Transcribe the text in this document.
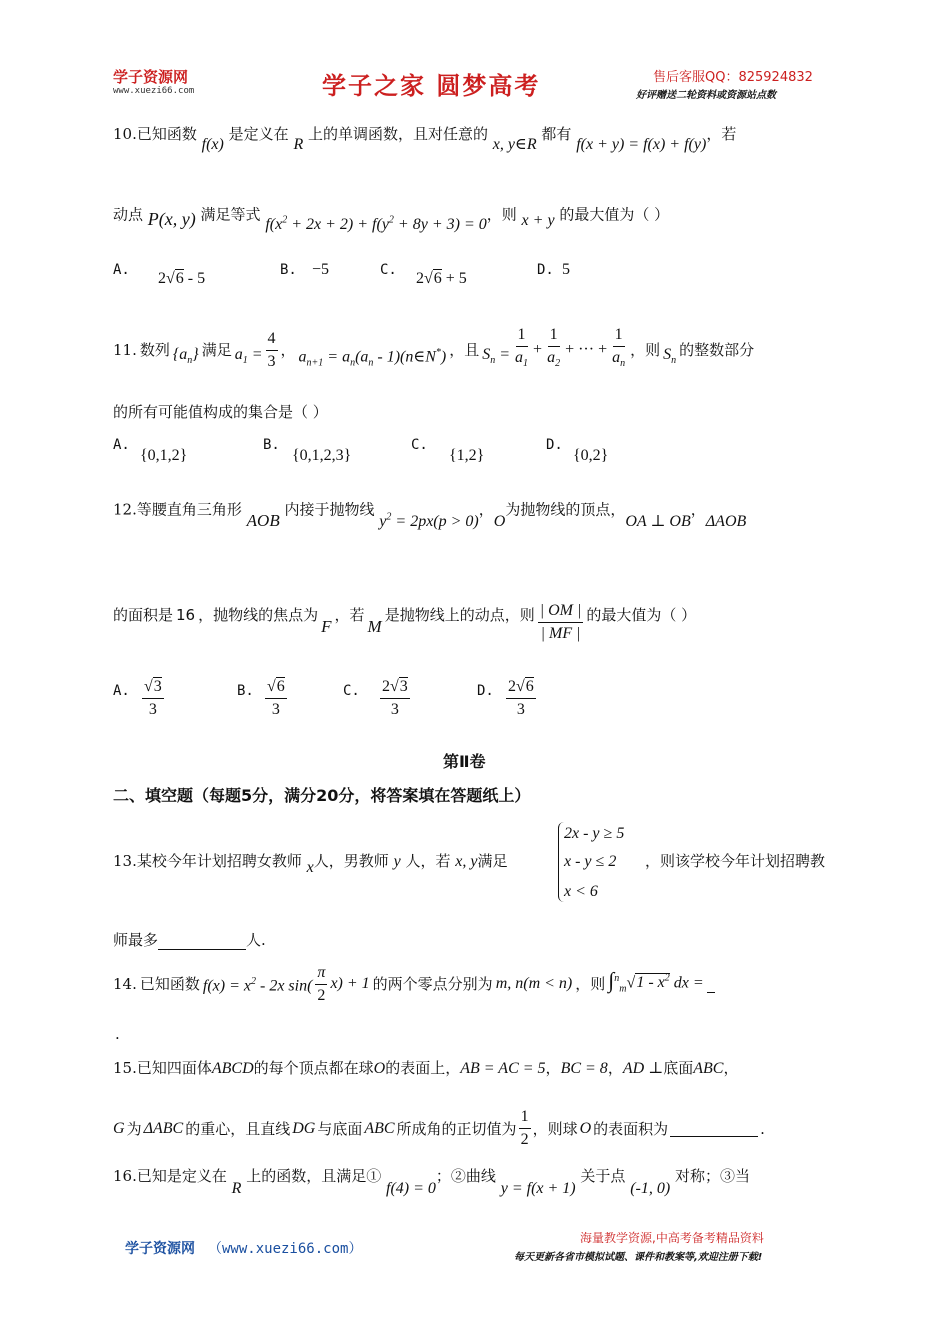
学子资源网
www.xuezi66.com	学子之家 圆梦高考	售后客服QQ：825924832
好评赠送二轮资料或资源站点数
10.已知函数 f(x) 是定义在 R 上的单调函数，且对任意的 x, y∈R 都有 f(x + y) = f(x) + f(y)，若
动点 P(x, y) 满足等式 $f(x^2 + 2x + 2) + f(y^2 + 8y + 3) = 0$，则 x + y 的最大值为（ ）
A. 2√6 - 5	B. −5	C. 2√6 + 5	D. 5
11. 数列 $\{a_n\}$ 满足 $a_1 = \frac{4}{3}$ ， $a_{n+1} = a_n(a_n$ - 1)(n∈N*) ，且 $S_n = \frac{1}{a_1} + \frac{1}{a_2}$ + ··· + $\frac{1}{a_n}$ ，则 $S_n$
的整数部分
的所有可能值构成的集合是（ ）
A.
{0,1,2}
B.
{0,1,2,3}
C.
{1,2}
D.
{0,2}
12.等腰直角三角形 AOB 内接于抛物线 $y^2 = 2px(p > 0)$，O为抛物线的顶点，OA ⊥ OB，ΔAOB
的面积是 16 ，抛物线的焦点为
F
，若
M
是抛物线上的动点，则 $\frac{| OM |}{| MF |}$ 的最大值为（ ）
A. $\frac{√3}{3}$	B. $\frac{√6}{3}$	C. $\frac{2√3}{3}$	D. $\frac{2√6}{3}$
第Ⅱ卷
二、填空题（每题5分，满分20分，将答案填在答题纸上）
13.某校今年计划招聘女教师 x人，男教师 y 人，若 x, y满足
2x - y ≥ 5
x - y ≤ 2
x < 6
，则该学校今年计划招聘教
师最多	人.
14. 已知函数 $f(x) = x^2 - 2x$ $\sin( \frac{\pi}{2} x) + 1$ 的两个零点分别为 m, n(m < n) ，则 $\int^n_m√1 - x^2$ dx =
.
15.已知四面体ABCD的每个顶点都在球O的表面上，AB = AC = 5，BC = 8，AD ⊥底面ABC，
G 为 ΔABC 的重心，且直线 DG 与底面 ABC 所成角的正切值为 $\frac{1}{2}$ ，则球 O 的表面积为	.
16.已知是定义在 R 上的函数，且满足① f(4) = 0；②曲线 y = f(x + 1) 关于点 (-1, 0) 对称；③当
学子资源网 （www.xuezi66.com）
海量教学资源,中高考备考精品资料
每天更新各省市模拟试题、课件和教案等,欢迎注册下载!
